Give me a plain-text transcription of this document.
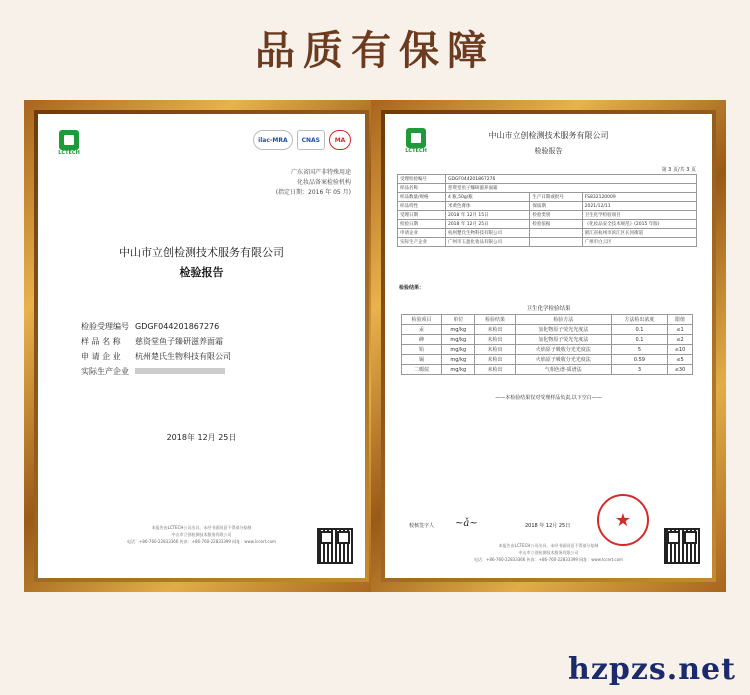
品质有保障
LCTECH
ilac-MRA	CNAS	MA
广东省国产非特殊用途
化妆品备案检验机构
(指定日期：2016 年 05 月)
中山市立创检测技术服务有限公司
检验报告
检验受理编号	GDGF044201867276
样 品 名 称	慈资堂鱼子臻研滋养面霜
申 请 企 业	杭州楚氏生物科技有限公司
实际生产企业	
2018年 12月 25日
本报告由LCTECH公司出具，未经书面同意不得部分复制
中山市立创检测技术服务有限公司
电话：+86-760-22833366 传真：+86-760-22833399 网址：www.lccert.com
LCTECH
中山市立创检测技术服务有限公司
检验报告
第 3 页/共 3 页
受理检验编号	GDGF044201867276		
样品名称	慈资堂鱼子臻研滋养面霜		
样品数量/规格	4 瓶,50g/瓶	生产日期或批号	FS832120009
样品特性	米黄色膏体	保质期	2021/12/11
受理日期	2018 年 12月 15日	检验类别	卫生化学检验项目
检验日期	2018 年 12月 25日	检验依据	《化妆品安全技术规范》(2015 年版)
申请企业	杭州楚氏生物科技有限公司		浙江省杭州市滨江区长河街道
实际生产企业	广州市玉盈化妆品有限公司		广州市白云区
检验结果：
卫生化学检验结果
检验项目	单位	检验结果	检验方法	方法检出浓度	限值
汞	mg/kg	未检出	氢化物原子荧光光度法	0.1	≤1
砷	mg/kg	未检出	氢化物原子荧光光度法	0.1	≤2
铅	mg/kg	未检出	火焰原子吸收分光光度法	5	≤10
镉	mg/kg	未检出	火焰原子吸收分光光度法	0.59	≤5
二噁烷	mg/kg	未检出	气相色谱-质谱法	3	≤30
——本检验结果仅对受理样品负责,以下空白——
校核签字人 ~ǎ~	2018 年 12月 25日 ★
本报告由LCTECH公司出具，未经书面同意不得部分复制
中山市立创检测技术服务有限公司
电话：+86-760-22833366 传真：+86-760-22833399 网址：www.lccert.com
hzpzs.net
